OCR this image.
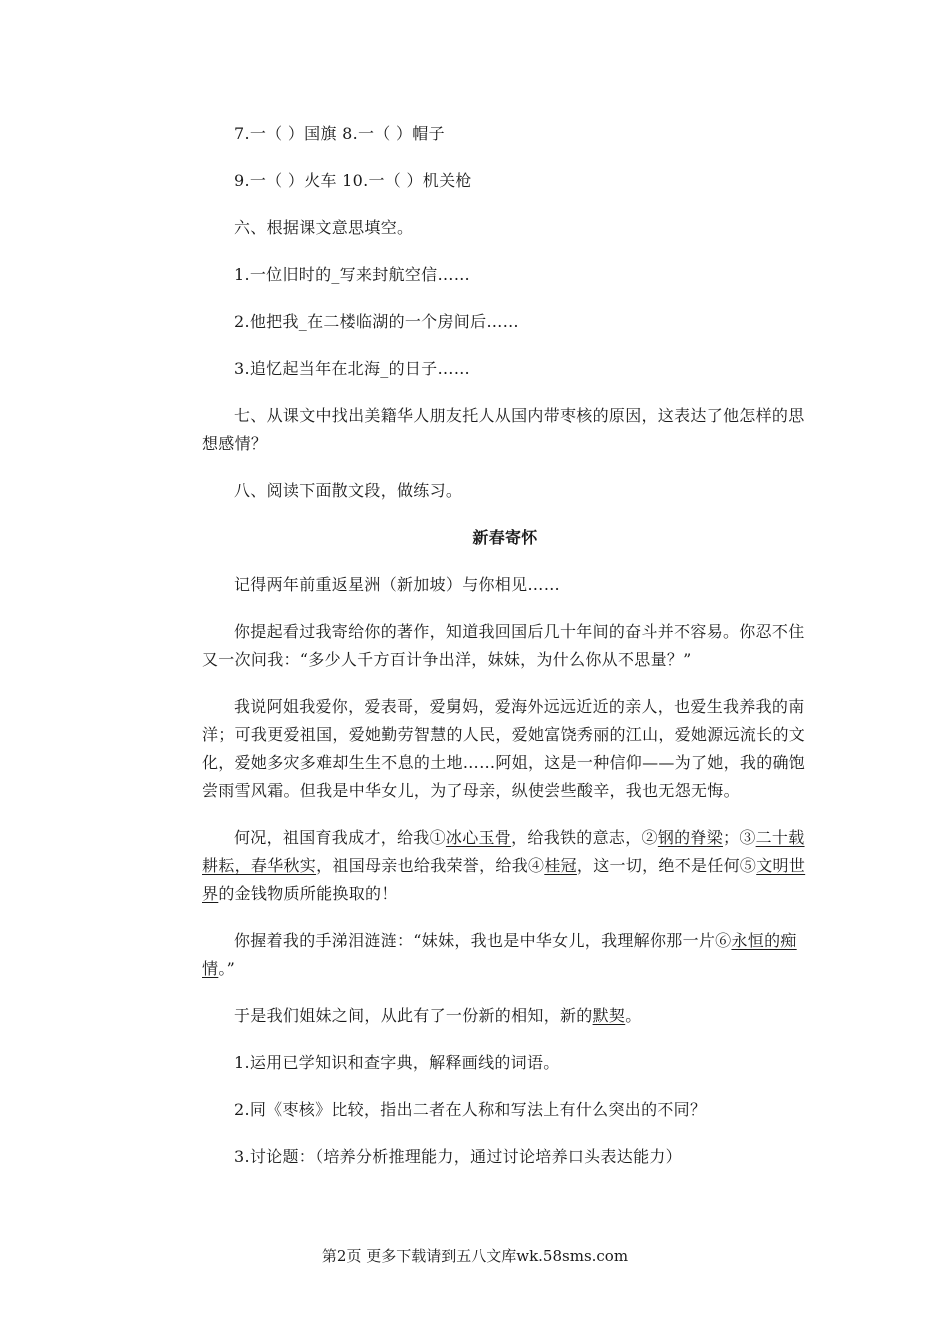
7.一（ ）国旗 8.一（ ）帽子

9.一（ ）火车 10.一（ ）机关枪

六、根据课文意思填空。

1.一位旧时的_写来封航空信……

2.他把我_在二楼临湖的一个房间后……

3.追忆起当年在北海_的日子……

七、从课文中找出美籍华人朋友托人从国内带枣核的原因，这表达了他怎样的思想感情？

八、阅读下面散文段，做练习。

新春寄怀

记得两年前重返星洲（新加坡）与你相见……

你提起看过我寄给你的著作，知道我回国后几十年间的奋斗并不容易。你忍不住又一次问我：“多少人千方百计争出洋，妹妹，为什么你从不思量？”

我说阿姐我爱你，爱表哥，爱舅妈，爱海外远远近近的亲人，也爱生我养我的南洋；可我更爱祖国，爱她勤劳智慧的人民，爱她富饶秀丽的江山，爱她源远流长的文化，爱她多灾多难却生生不息的土地……阿姐，这是一种信仰——为了她，我的确饱尝雨雪风霜。但我是中华女儿，为了母亲，纵使尝些酸辛，我也无怨无悔。

何况，祖国育我成才，给我①冰心玉骨，给我铁的意志，②钢的脊梁；③二十载耕耘，春华秋实，祖国母亲也给我荣誉，给我④桂冠，这一切，绝不是任何⑤文明世界的金钱物质所能换取的！

你握着我的手涕泪涟涟：“妹妹，我也是中华女儿，我理解你那一片⑥永恒的痴情。”

于是我们姐妹之间，从此有了一份新的相知，新的默契。

1.运用已学知识和查字典，解释画线的词语。

2.同《枣核》比较，指出二者在人称和写法上有什么突出的不同？

3.讨论题：（培养分析推理能力，通过讨论培养口头表达能力）

第2页 更多下载请到五八文库wk.58sms.com
